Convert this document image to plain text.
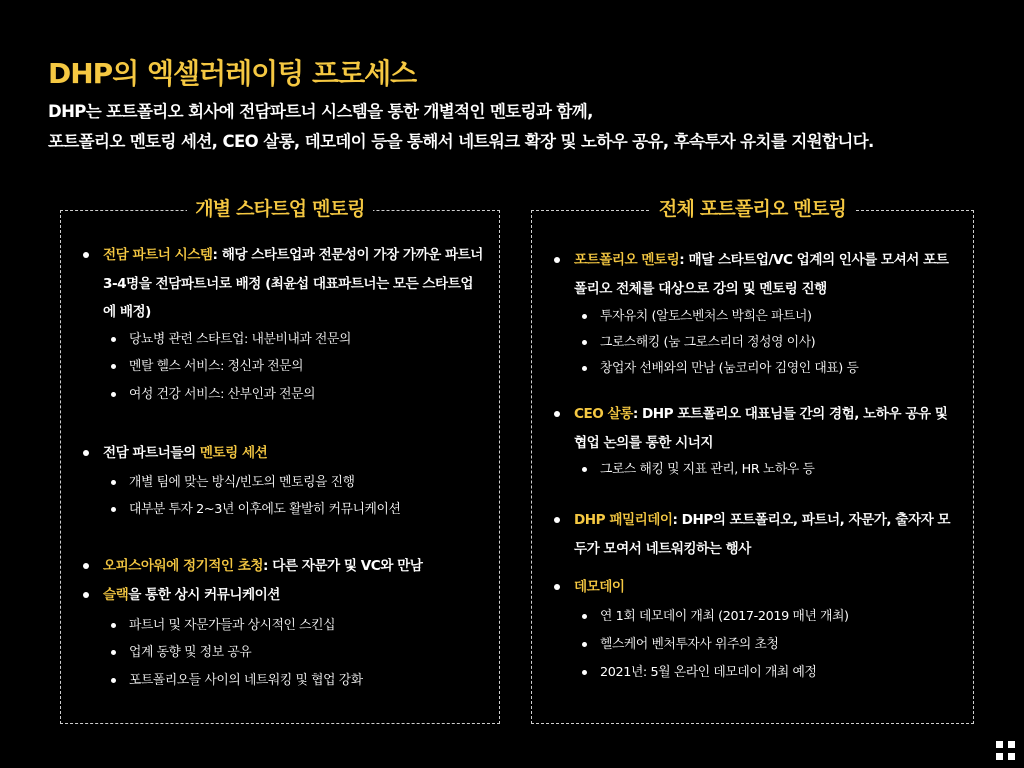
DHP의 엑셀러레이팅 프로세스
DHP는 포트폴리오 회사에 전담파트너 시스템을 통한 개별적인 멘토링과 함께,
포트폴리오 멘토링 세션, CEO 살롱, 데모데이 등을 통해서 네트워크 확장 및 노하우 공유, 후속투자 유치를 지원합니다.
개별 스타트업 멘토링
전담 파트너 시스템: 해당 스타트업과 전문성이 가장 가까운 파트너 3-4명을 전담파트너로 배정 (최윤섭 대표파트너는 모든 스타트업에 배정)
당뇨병 관련 스타트업: 내분비내과 전문의
멘탈 헬스 서비스: 정신과 전문의
여성 건강 서비스: 산부인과 전문의
전담 파트너들의 멘토링 세션
개별 팀에 맞는 방식/빈도의 멘토링을 진행
대부분 투자 2~3년 이후에도 활발히 커뮤니케이션
오피스아워에 정기적인 초청: 다른 자문가 및 VC와 만남
슬랙을 통한 상시 커뮤니케이션
파트너 및 자문가들과 상시적인 스킨십
업계 동향 및 정보 공유
포트폴리오들 사이의 네트워킹 및 협업 강화
전체 포트폴리오 멘토링
포트폴리오 멘토링: 매달 스타트업/VC 업계의 인사를 모셔서 포트폴리오 전체를 대상으로 강의 및 멘토링 진행
투자유치 (알토스벤처스 박희은 파트너)
그로스해킹 (눔 그로스리더 정성영 이사)
창업자 선배와의 만남 (눔코리아 김영인 대표) 등
CEO 살롱: DHP 포트폴리오 대표님들 간의 경험, 노하우 공유 및 협업 논의를 통한 시너지
그로스 해킹 및 지표 관리, HR 노하우 등
DHP 패밀리데이: DHP의 포트폴리오, 파트너, 자문가, 출자자 모두가 모여서 네트워킹하는 행사
데모데이
연 1회 데모데이 개최 (2017-2019 매년 개최)
헬스케어 벤처투자사 위주의 초청
2021년: 5월 온라인 데모데이 개최 예정
